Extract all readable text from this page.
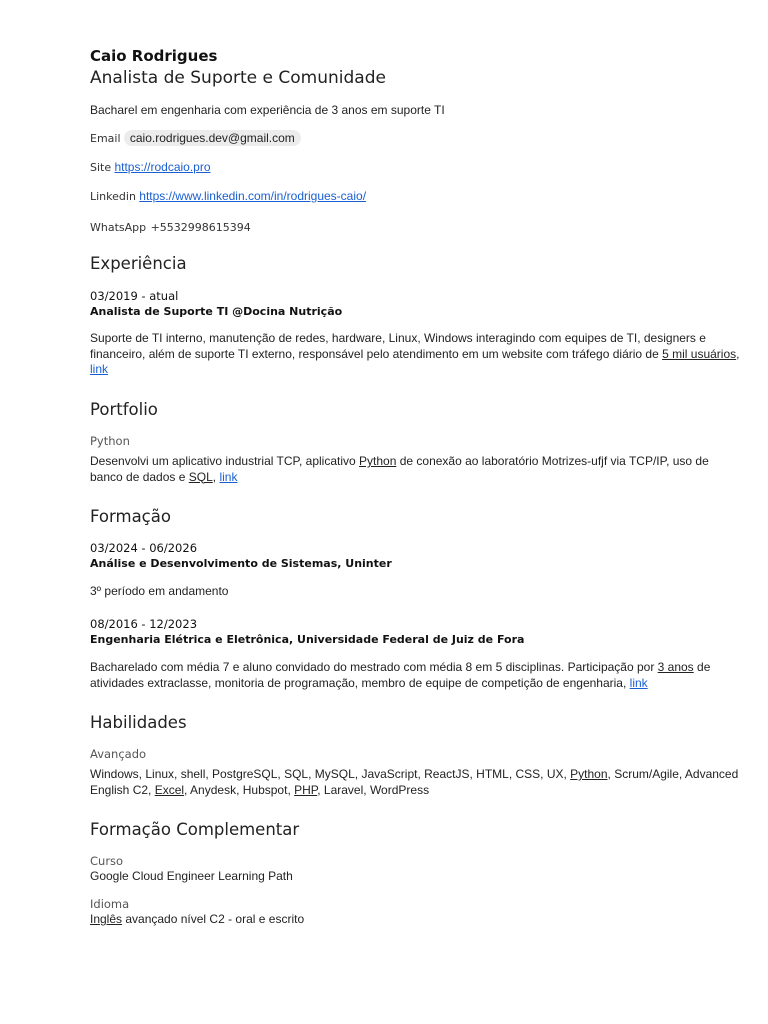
Caio Rodrigues
Analista de Suporte e Comunidade
Bacharel em engenharia com experiência de 3 anos em suporte TI
Email caio.rodrigues.dev@gmail.com
Site https://rodcaio.pro
Linkedin https://www.linkedin.com/in/rodrigues-caio/
WhatsApp +5532998615394
Experiência
03/2019 - atual
Analista de Suporte TI @Docina Nutrição
Suporte de TI interno, manutenção de redes, hardware, Linux, Windows interagindo com equipes de TI, designers e financeiro, além de suporte TI externo, responsável pelo atendimento em um website com tráfego diário de 5 mil usuários, link
Portfolio
Python
Desenvolvi um aplicativo industrial TCP, aplicativo Python de conexão ao laboratório Motrizes-ufjf via TCP/IP, uso de banco de dados e SQL, link
Formação
03/2024 - 06/2026
Análise e Desenvolvimento de Sistemas, Uninter
3º período em andamento
08/2016 - 12/2023
Engenharia Elétrica e Eletrônica, Universidade Federal de Juiz de Fora
Bacharelado com média 7 e aluno convidado do mestrado com média 8 em 5 disciplinas. Participação por 3 anos de atividades extraclasse, monitoria de programação, membro de equipe de competição de engenharia, link
Habilidades
Avançado
Windows, Linux, shell, PostgreSQL, SQL, MySQL, JavaScript, ReactJS, HTML, CSS, UX, Python, Scrum/Agile, Advanced English C2, Excel, Anydesk, Hubspot, PHP, Laravel, WordPress
Formação Complementar
Curso
Google Cloud Engineer Learning Path
Idioma
Inglês avançado nível C2 - oral e escrito
